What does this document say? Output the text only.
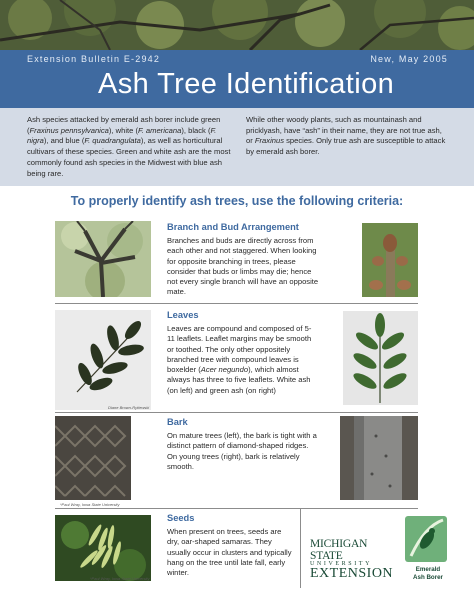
Extension Bulletin E-2942	New, May 2005
Ash Tree Identification
Ash species attacked by emerald ash borer include green (Fraxinus pennsylvanica), white (F. americana), black (F. nigra), and blue (F. quadrangulata), as well as horticultural cultivars of these species. Green and white ash are the most commonly found ash species in the Midwest with blue ash being rare.
While other woody plants, such as mountainash and pricklyash, have “ash” in their name, they are not true ash, or Fraxinus species. Only true ash are susceptible to attack by emerald ash borer.
To properly identify ash trees, use the following criteria:
Branch and Bud Arrangement
Branches and buds are directly across from each other and not staggered. When looking for opposite branching in trees, please consider that buds or limbs may die; hence not every single branch will have an opposite mate.
Diane Brown-Rytlewski
Leaves
Leaves are compound and composed of 5-11 leaflets. Leaflet margins may be smooth or toothed. The only other oppositely branched tree with compound leaves is boxelder (Acer negundo), which almost always has three to five leaflets. White ash (on left) and green ash (on right)
*Paul Wray, Iowa State University
Bark
On mature trees (left), the bark is tight with a distinct pattern of diamond-shaped ridges. On young trees (right), bark is relatively smooth.
*Paul Wray, Iowa State University
Seeds
When present on trees, seeds are dry, oar-shaped samaras. They usually occur in clusters and typically hang on the tree until late fall, early winter.
MICHIGAN STATE
UNIVERSITY
EXTENSION	Emerald
Ash Borer
